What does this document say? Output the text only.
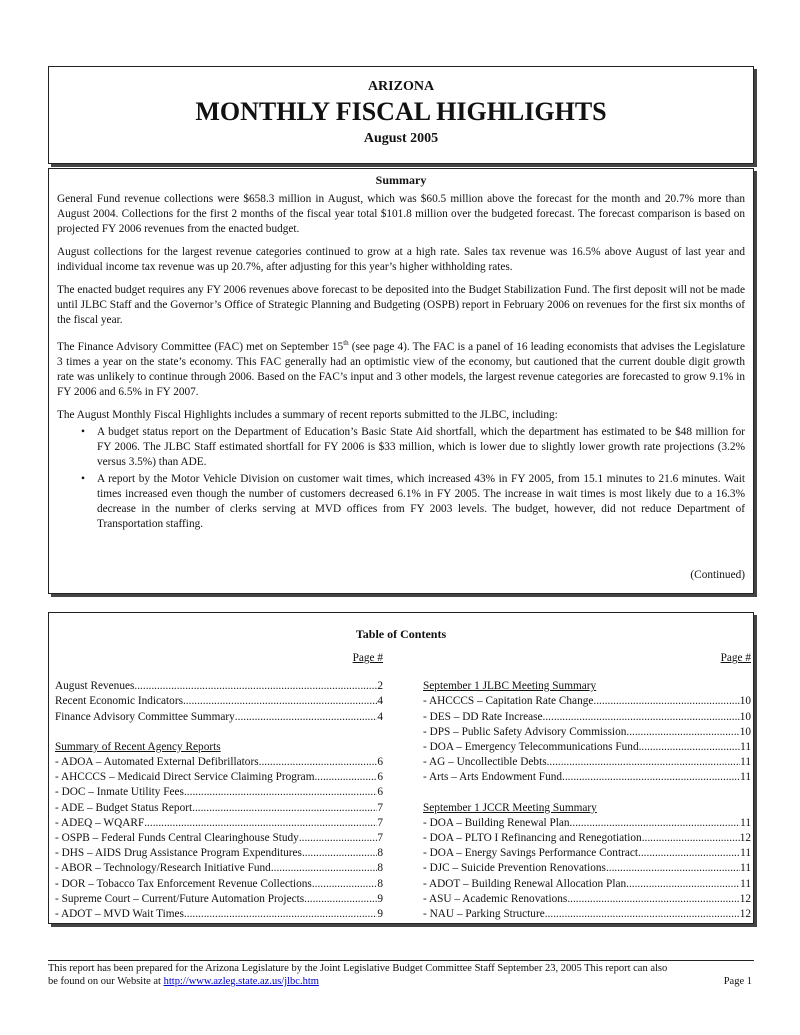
ARIZONA
MONTHLY FISCAL HIGHLIGHTS
August 2005
Summary

General Fund revenue collections were $658.3 million in August, which was $60.5 million above the forecast for the month and 20.7% more than August 2004. Collections for the first 2 months of the fiscal year total $101.8 million over the budgeted forecast. The forecast comparison is based on projected FY 2006 revenues from the enacted budget.

August collections for the largest revenue categories continued to grow at a high rate. Sales tax revenue was 16.5% above August of last year and individual income tax revenue was up 20.7%, after adjusting for this year’s higher withholding rates.

The enacted budget requires any FY 2006 revenues above forecast to be deposited into the Budget Stabilization Fund. The first deposit will not be made until JLBC Staff and the Governor’s Office of Strategic Planning and Budgeting (OSPB) report in February 2006 on revenues for the first six months of the fiscal year.

The Finance Advisory Committee (FAC) met on September 15th (see page 4). The FAC is a panel of 16 leading economists that advises the Legislature 3 times a year on the state’s economy. This FAC generally had an optimistic view of the economy, but cautioned that the current double digit growth rate was unlikely to continue through 2006. Based on the FAC’s input and 3 other models, the largest revenue categories are forecasted to grow 9.1% in FY 2006 and 6.5% in FY 2007.

The August Monthly Fiscal Highlights includes a summary of recent reports submitted to the JLBC, including:

• A budget status report on the Department of Education’s Basic State Aid shortfall, which the department has estimated to be $48 million for FY 2006. The JLBC Staff estimated shortfall for FY 2006 is $33 million, which is lower due to slightly lower growth rate projections (3.2% versus 3.5%) than ADE.
• A report by the Motor Vehicle Division on customer wait times, which increased 43% in FY 2005, from 15.1 minutes to 21.6 minutes. Wait times increased even though the number of customers decreased 6.1% in FY 2005. The increase in wait times is most likely due to a 16.3% decrease in the number of clerks serving at MVD offices from FY 2003 levels. The budget, however, did not reduce Department of Transportation staffing.
(Continued)
Table of Contents
Page #
August Revenues .....	2
Recent Economic Indicators .....	4
Finance Advisory Committee Summary .....	4
Summary of Recent Agency Reports
- ADOA – Automated External Defibrillators .....	6
- AHCCCS – Medicaid Direct Service Claiming Program .....	6
- DOC – Inmate Utility Fees .....	6
- ADE – Budget Status Report .....	7
- ADEQ – WQARF .....	7
- OSPB – Federal Funds Central Clearinghouse Study .....	7
- DHS – AIDS Drug Assistance Program Expenditures .....	8
- ABOR – Technology/Research Initiative Fund .....	8
- DOR – Tobacco Tax Enforcement Revenue Collections .....	8
- Supreme Court – Current/Future Automation Projects .....	9
- ADOT – MVD Wait Times .....	9
Page #
September 1 JLBC Meeting Summary
- AHCCCS – Capitation Rate Change .....	10
- DES – DD Rate Increase .....	10
- DPS – Public Safety Advisory Commission .....	10
- DOA – Emergency Telecommunications Fund .....	11
- AG – Uncollectible Debts .....	11
- Arts – Arts Endowment Fund .....	11
September 1 JCCR Meeting Summary
- DOA – Building Renewal Plan .....	11
- DOA – PLTO I Refinancing and Renegotiation .....	12
- DOA – Energy Savings Performance Contract .....	11
- DJC – Suicide Prevention Renovations .....	11
- ADOT – Building Renewal Allocation Plan .....	11
- ASU – Academic Renovations .....	12
- NAU – Parking Structure .....	12
This report has been prepared for the Arizona Legislature by the Joint Legislative Budget Committee Staff September 23, 2005 This report can also
be found on our Website at http://www.azleg.state.az.us/jlbc.htm	Page 1
